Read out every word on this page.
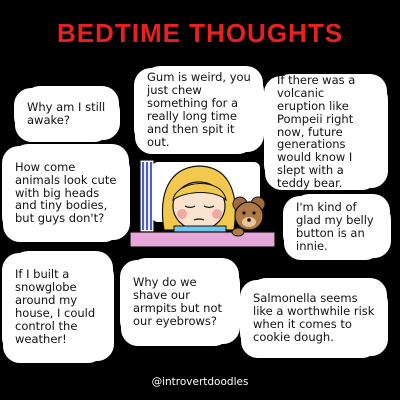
BEDTIME THOUGHTS
Why am I still awake?
Gum is weird, you just chew something for a really long time and then spit it out.
If there was a volcanic eruption like Pompeii right now, future generations would know I slept with a teddy bear.
How come animals look cute with big heads and tiny bodies, but guys don't?
I'm kind of glad my belly button is an innie.
If I built a snowglobe around my house, I could control the weather!
Why do we shave our armpits but not our eyebrows?
Salmonella seems like a worthwhile risk when it comes to cookie dough.
@introvertdoodles
